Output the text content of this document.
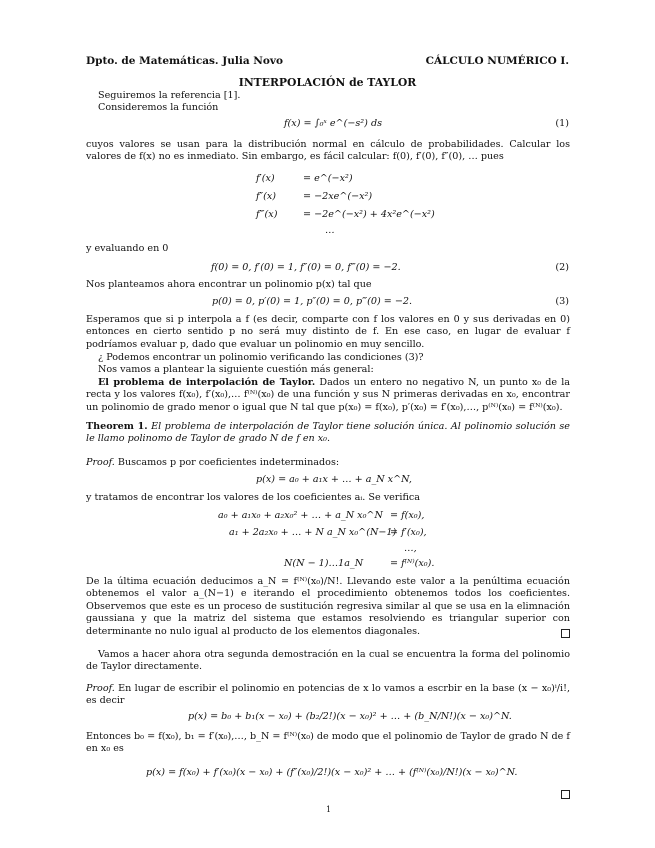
Dpto. de Matemáticas. Julia Novo	CÁLCULO NUMÉRICO I.
INTERPOLACIÓN de TAYLOR
Seguiremos la referencia [1].
Consideremos la función
f(x) = ∫₀ˣ e^(−s²) ds	(1)
cuyos valores se usan para la distribución normal en cálculo de probabilidades. Calcular los valores de f(x) no es inmediato. Sin embargo, es fácil calcular: f(0), f′(0), f″(0), … pues
f′(x)	= e^(−x²)
f″(x)	= −2xe^(−x²)
f‴(x)	= −2e^(−x²) + 4x²e^(−x²)
…
y evaluando en 0
f(0) = 0, f′(0) = 1, f″(0) = 0, f‴(0) = −2.	(2)
Nos planteamos ahora encontrar un polinomio p(x) tal que
p(0) = 0, p′(0) = 1, p″(0) = 0, p‴(0) = −2.	(3)
Esperamos que si p interpola a f (es decir, comparte con f los valores en 0 y sus derivadas en 0) entonces en cierto sentido p no será muy distinto de f. En ese caso, en lugar de evaluar f podríamos evaluar p, dado que evaluar un polinomio en muy sencillo.
¿ Podemos encontrar un polinomio verificando las condiciones (3)?
Nos vamos a plantear la siguiente cuestión más general:
El problema de interpolación de Taylor. Dados un entero no negativo N, un punto x₀ de la recta y los valores f(x₀), f′(x₀),… f⁽ᴺ⁾(x₀) de una función y sus N primeras derivadas en x₀, encontrar un polinomio de grado menor o igual que N tal que p(x₀) = f(x₀), p′(x₀) = f′(x₀),…, p⁽ᴺ⁾(x₀) = f⁽ᴺ⁾(x₀).
Theorem 1. El problema de interpolación de Taylor tiene solución única. Al polinomio solución se le llamo polinomo de Taylor de grado N de f en x₀.
Proof. Buscamos p por coeficientes indeterminados:
p(x) = a₀ + a₁x + … + a_N x^N,
y tratamos de encontrar los valores de los coeficientes aᵢ. Se verifica
a₀ + a₁x₀ + a₂x₀² + … + a_N x₀^N = f(x₀),
a₁ + 2a₂x₀ + … + N a_N x₀^(N−1)
= f′(x₀),
…,
N(N − 1)…1a_N	= f⁽ᴺ⁾(x₀).
De la última ecuación deducimos a_N = f⁽ᴺ⁾(x₀)/N!. Llevando este valor a la penúltima ecuación obtenemos el valor a_(N−1) e iterando el procedimiento obtenemos todos los coeficientes. Observemos que este es un proceso de sustitución regresiva similar al que se usa en la elimnación gaussiana y que la matriz del sistema que estamos resolviendo es triangular superior con determinante no nulo igual al producto de los elementos diagonales.
Vamos a hacer ahora otra segunda demostración en la cual se encuentra la forma del polinomio de Taylor directamente.
Proof. En lugar de escribir el polinomio en potencias de x lo vamos a escrbir en la base (x − x₀)ⁱ/i!, es decir
p(x) = b₀ + b₁(x − x₀) + (b₂/2!)(x − x₀)² + … + (b_N/N!)(x − x₀)^N.
Entonces b₀ = f(x₀), b₁ = f′(x₀),…, b_N = f⁽ᴺ⁾(x₀) de modo que el polinomio de Taylor de grado N de f en x₀ es
p(x) = f(x₀) + f′(x₀)(x − x₀) + (f″(x₀)/2!)(x − x₀)² + … + (f⁽ᴺ⁾(x₀)/N!)(x − x₀)^N.
1
